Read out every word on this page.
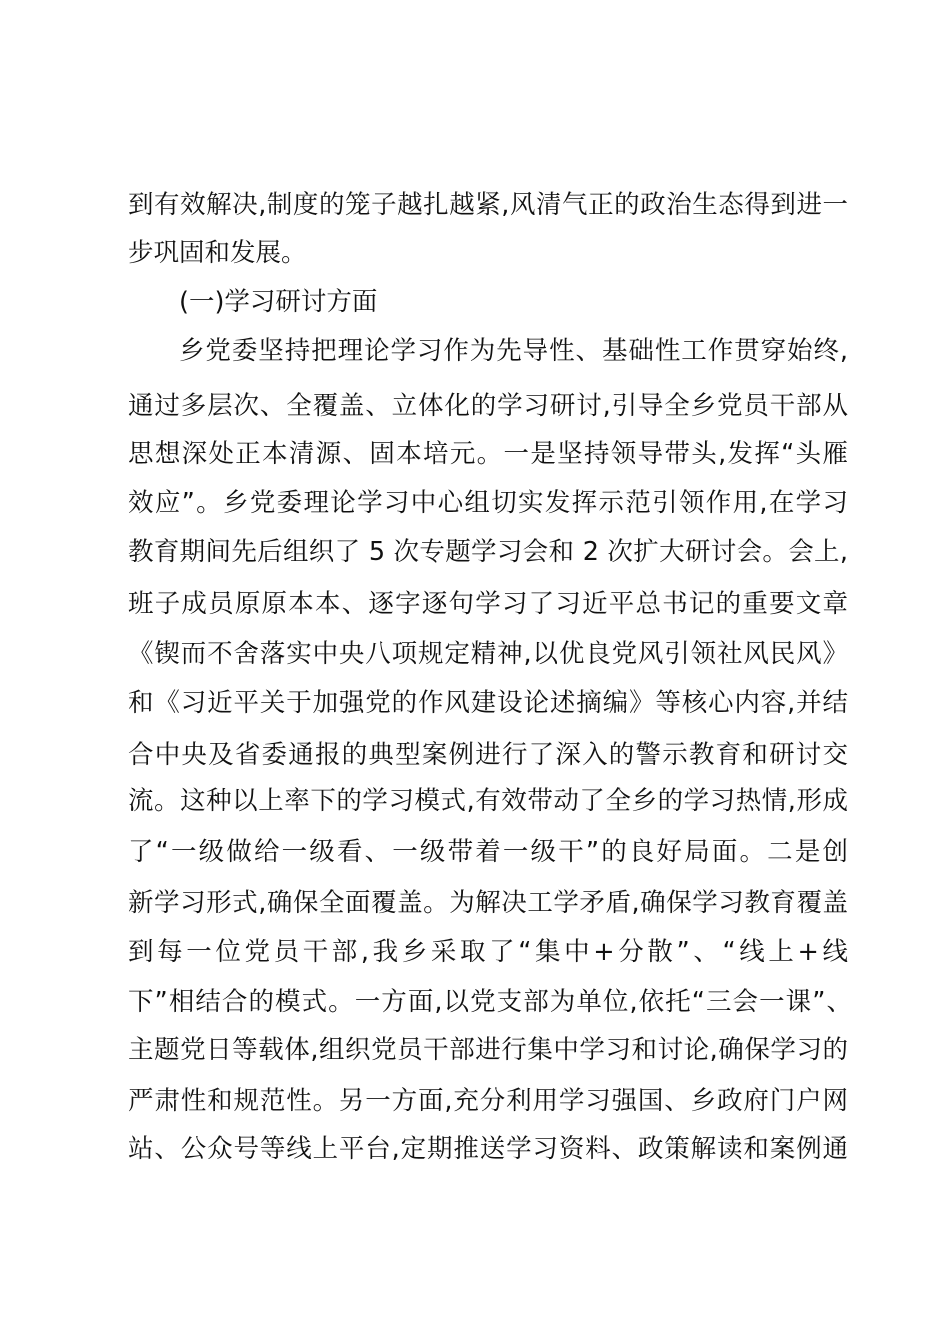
到有效解决,制度的笼子越扎越紧,风清气正的政治生态得到进一
步巩固和发展。
(一)学习研讨方面
乡党委坚持把理论学习作为先导性、基础性工作贯穿始终,
通过多层次、全覆盖、立体化的学习研讨,引导全乡党员干部从
思想深处正本清源、固本培元。一是坚持领导带头,发挥“头雁
效应”。乡党委理论学习中心组切实发挥示范引领作用,在学习
教育期间先后组织了 5 次专题学习会和 2 次扩大研讨会。会上,
班子成员原原本本、逐字逐句学习了习近平总书记的重要文章
《锲而不舍落实中央八项规定精神,以优良党风引领社风民风》
和《习近平关于加强党的作风建设论述摘编》等核心内容,并结
合中央及省委通报的典型案例进行了深入的警示教育和研讨交
流。这种以上率下的学习模式,有效带动了全乡的学习热情,形成
了“一级做给一级看、一级带着一级干”的良好局面。二是创
新学习形式,确保全面覆盖。为解决工学矛盾,确保学习教育覆盖
到每一位党员干部,我乡采取了“集中+分散”、“线上+线
下”相结合的模式。一方面,以党支部为单位,依托“三会一课”、
主题党日等载体,组织党员干部进行集中学习和讨论,确保学习的
严肃性和规范性。另一方面,充分利用学习强国、乡政府门户网
站、公众号等线上平台,定期推送学习资料、政策解读和案例通
